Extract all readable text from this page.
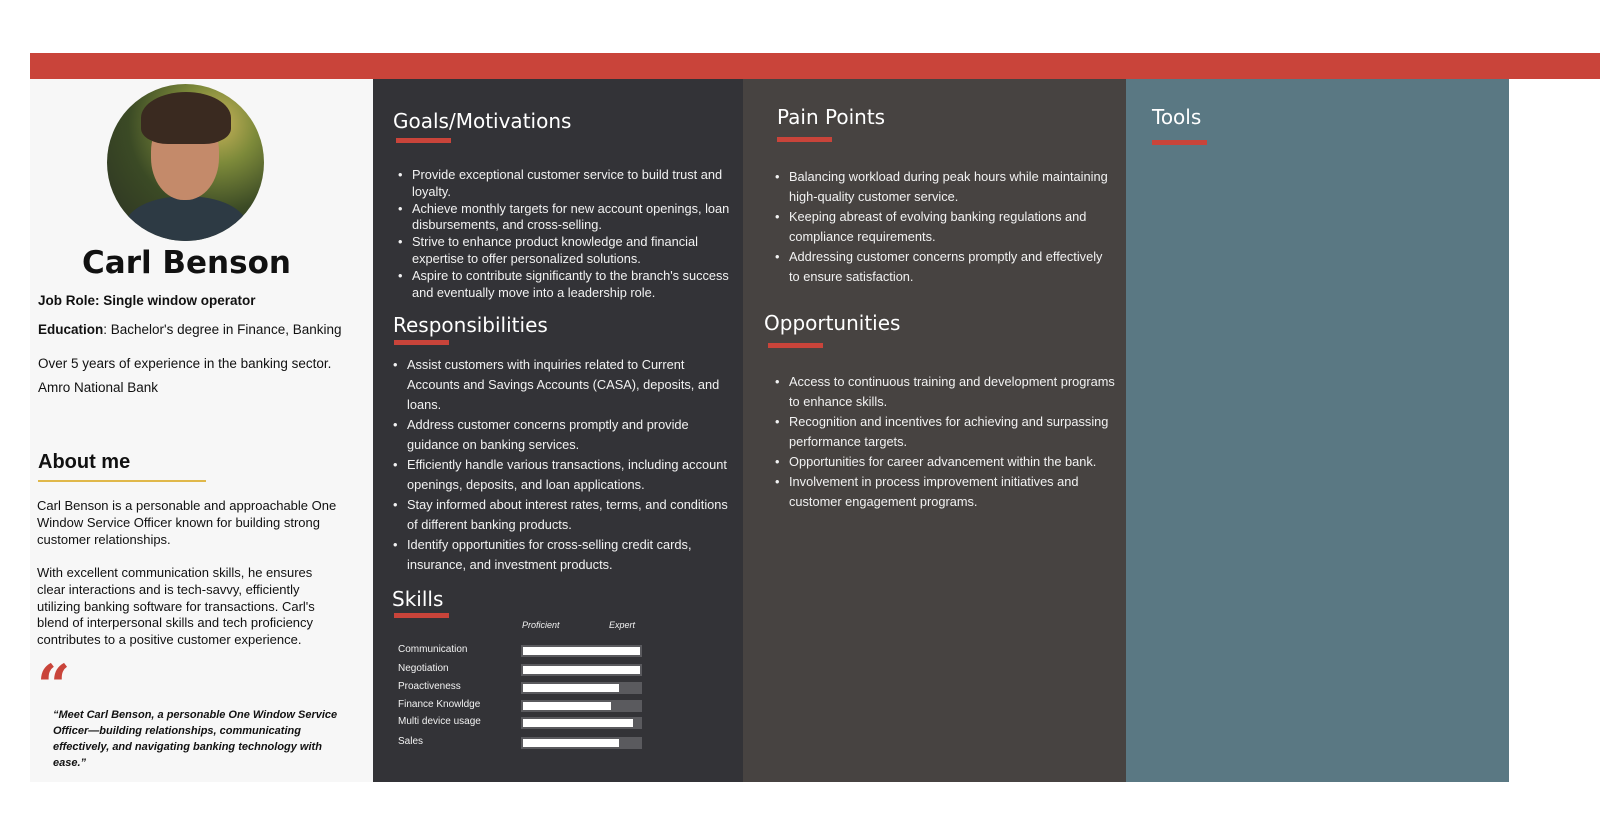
Carl Benson
Job Role: Single window operator
Education: Bachelor's degree in Finance, Banking
Over 5 years of experience in the banking sector.
Amro National Bank
About me
Carl Benson is a personable and approachable One Window Service Officer known for building strong customer relationships.
With excellent communication skills, he ensures clear interactions and is tech-savvy, efficiently utilizing banking software for transactions. Carl's blend of interpersonal skills and tech proficiency contributes to a positive customer experience.
“
“Meet Carl Benson, a personable One Window Service Officer—building relationships, communicating effectively, and navigating banking technology with ease.”
Goals/Motivations
• Provide exceptional customer service to build trust and loyalty.
• Achieve monthly targets for new account openings, loan disbursements, and cross-selling.
• Strive to enhance product knowledge and financial expertise to offer personalized solutions.
• Aspire to contribute significantly to the branch's success and eventually move into a leadership role.
Responsibilities
• Assist customers with inquiries related to Current Accounts and Savings Accounts (CASA), deposits, and loans.
• Address customer concerns promptly and provide guidance on banking services.
• Efficiently handle various transactions, including account openings, deposits, and loan applications.
• Stay informed about interest rates, terms, and conditions of different banking products.
• Identify opportunities for cross-selling credit cards, insurance, and investment products.
Skills
Proficient	Expert
Communication
Negotiation
Proactiveness
Finance Knowldge
Multi device usage
Sales
Pain Points
• Balancing workload during peak hours while maintaining high-quality customer service.
• Keeping abreast of evolving banking regulations and compliance requirements.
• Addressing customer concerns promptly and effectively to ensure satisfaction.
Opportunities
• Access to continuous training and development programs to enhance skills.
• Recognition and incentives for achieving and surpassing performance targets.
• Opportunities for career advancement within the bank.
• Involvement in process improvement initiatives and customer engagement programs.
Tools
